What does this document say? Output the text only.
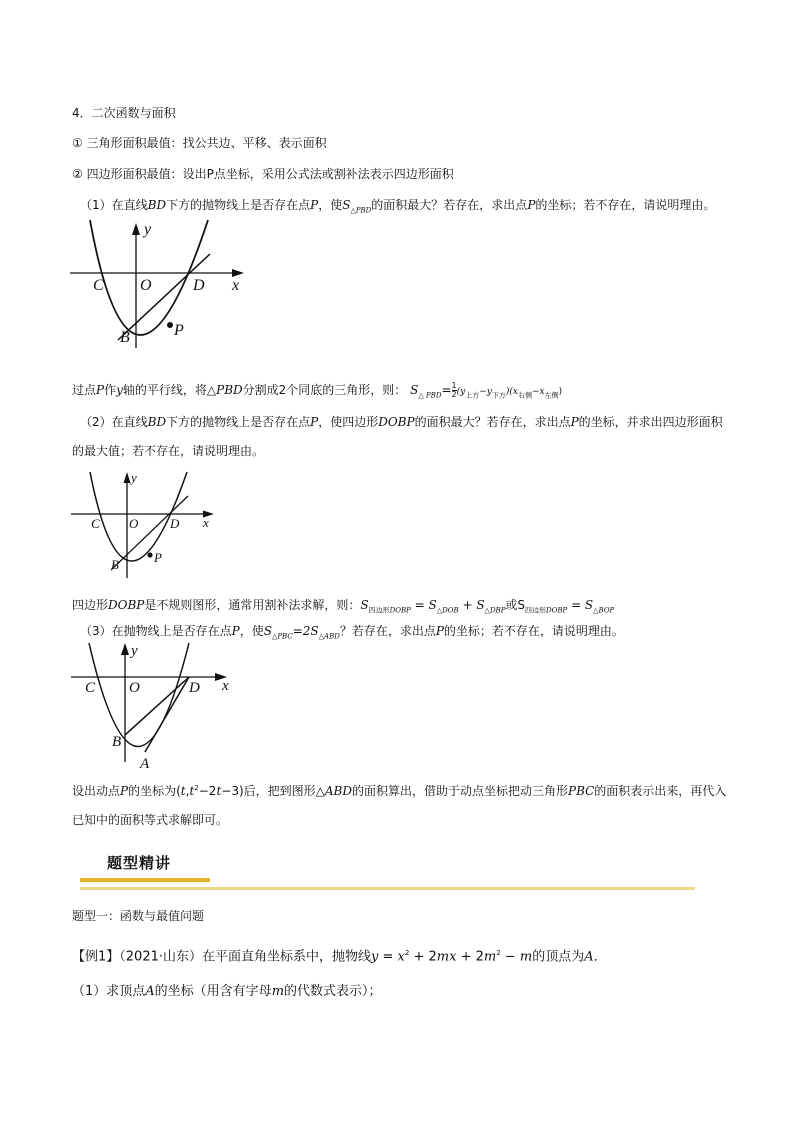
4．二次函数与面积
① 三角形面积最值：找公共边、平移、表示面积
② 四边形面积最值：设出P点坐标，采用公式法或割补法表示四边形面积
（1）在直线BD下方的抛物线上是否存在点P，使$S_{\triangle PBD}$的面积最大？若存在，求出点P的坐标；若不存在，请说明理由。
C O	D x
y
B	P
过点P作y轴的平行线，将△PBD分割成2个同底的三角形，则： $S_{\triangle PBD}= \frac{1}{2} (y_{上方}-y_{下方})(x_{右侧}-x_{左侧})$
（2）在直线BD下方的抛物线上是否存在点P，使四边形DOBP的面积最大？若存在，求出点P的坐标，并求出四边形面积
的最大值；若不存在，请说明理由。
C O D x
y
B	P
四边形DOBP是不规则图形，通常用割补法求解，则：$S_{四边形DOBP} = S_{\triangle DOB} + S_{\triangle DBP}$或$S_{四边形DOBP} = S_{\triangle BOP}$
（3）在抛物线上是否存在点P，使$S_{\triangle PBC}=2S_{\triangle ABD}$？若存在，求出点P的坐标；若不存在，请说明理由。
C O	D x
y
B
A
设出动点P的坐标为$(t,t^2-2t-3)$后，把到图形△ABD的面积算出，借助于动点坐标把动三角形PBC的面积表示出来，再代入已知中的面积等式求解即可。
题型精讲
题型一：函数与最值问题
【例1】（2021·山东）在平面直角坐标系中，抛物线$y = x^2 + 2mx + 2m^2 - m$的顶点为A．
（1）求顶点A的坐标（用含有字母m的代数式表示）；
